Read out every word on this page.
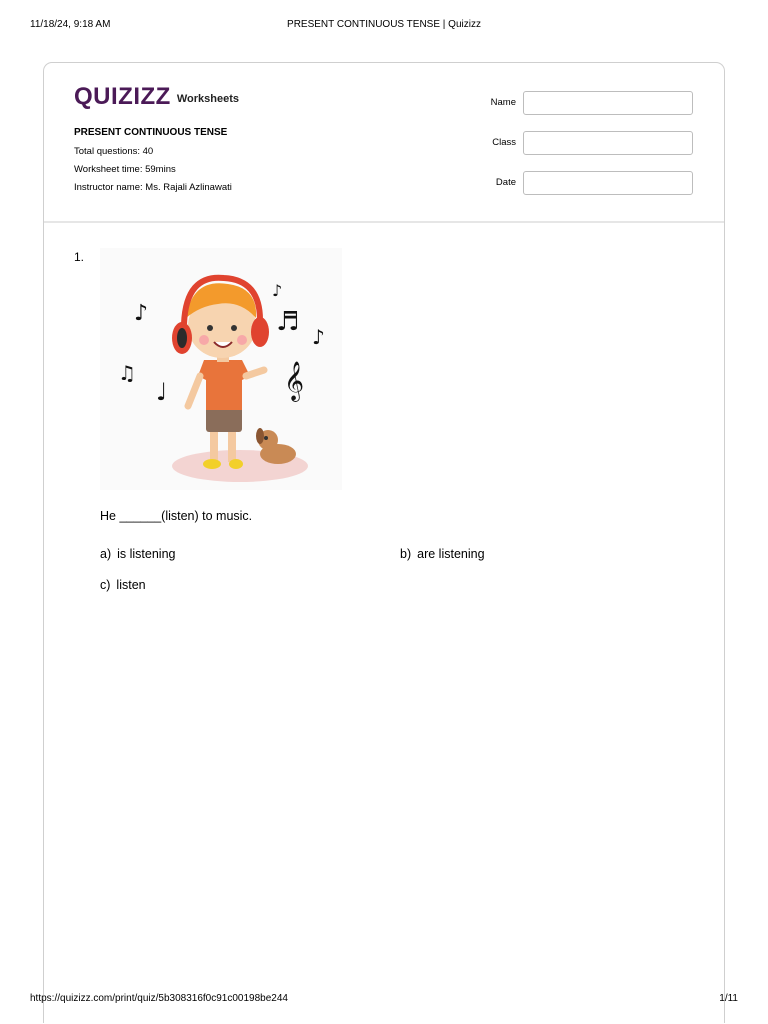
11/18/24, 9:18 AM	PRESENT CONTINUOUS TENSE | Quizizz
QUIZIZZ Worksheets
PRESENT CONTINUOUS TENSE
Total questions: 40
Worksheet time: 59mins
Instructor name: Ms. Rajali Azlinawati
Name
Class
Date
1.
♫
♩
♬
♪
♪
𝄞
♪
He ______(listen) to music.
a) is listening	b) are listening
c) listen
https://quizizz.com/print/quiz/5b308316f0c91c00198be244	1/11
